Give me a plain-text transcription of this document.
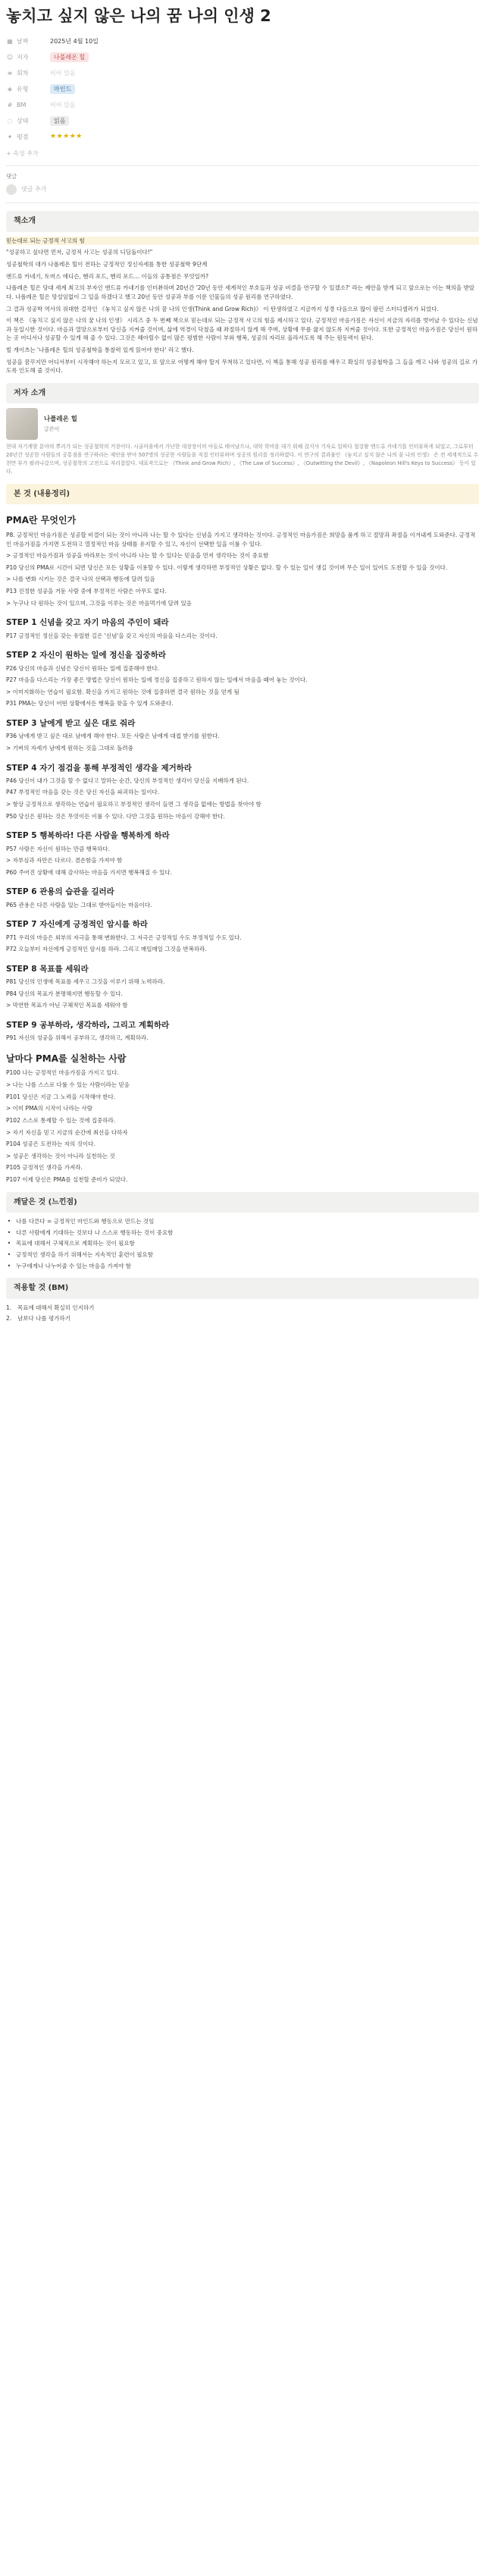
놓치고 싶지 않은 나의 꿈 나의 인생 2
▦ 날짜	2025년 4월 10일
☺ 저자	나폴레온 힐
≡ 회차	비어 있음
◈ 유형	마인드
# BM	비어 있음
◌ 상태	읽음
✦ 평점	★★★★★
+ 속성 추가
댓글
댓글 추가
책소개

믿는대로 되는 긍정적 사고의 힘

"성공하고 싶다면 먼저, 긍정적 사고는 성공의 디딤돌이다!"

성공철학의 대가 나폴레온 힐이 전하는 긍정적인 정신자세를 통한 성공철학 9단계

앤드류 카네기, 토머스 에디슨, 헨리 포드, 헨리 포드… 이들의 공통점은 무엇일까?

나폴레온 힐은 당대 세계 최고의 부자인 앤드류 카네기를 인터뷰하며 20년간 '20년 동안 세계적인 부호들과 성공 비결을 연구할 수 있겠소?' 라는 제안을 받게 되고 앞으로는 이는 책의을 받았다. 나폴레온 힐은 망설임없이 그 일을 하겠다고 했고 20년 동안 성공과 부를 이룬 인물들의 성공 원리를 연구하였다.

그 결과 성공학 역사의 위대한 걸작인 《놓치고 싶지 않은 나의 꿈 나의 인생(Think and Grow Rich)》 이 탄생하였고 지금까지 성경 다음으로 많이 팔린 스터디셀러가 되었다.

이 책은 《놓치고 싶지 않은 나의 꿈 나의 인생》 시리즈 중 두 번째 책으로 믿는대로 되는 긍정적 사고의 힘을 제시하고 있다. 긍정적인 마음가짐은 자신이 지금의 자리를 벗어날 수 있다는 신념과 동일시한 것이다. 마음과 열망으로부터 당신을 지켜줄 것이며, 삶에 역경이 닥쳤을 때 좌절하지 않게 해 주며, 상황에 무릎 꿇지 않도록 지켜줄 것이다. 또한 긍정적인 마음가짐은 당신이 원하는 곳 어디서나 성공할 수 있게 해 줄 수 있다. 그것은 헤아릴수 없이 많은 평범한 사람이 부와 행복, 성공의 자리로 올라서도록 해 주는 원동력이 된다.

빌 게이츠는 '나폴레온 힐의 성공철학을 통찰력 있게 읽어야 한다' 라고 했다.

성공을 꿈꾸지만 어디서부터 시작해야 하는지 모르고 있고, 또 앞으로 어떻게 해야 할지 무척하고 있다면, 이 책을 통해 성공 원리를 배우고 확실히 성공철학을 그 들을 깨고 나와 성공의 길로 가도록 인도해 줄 것이다.

저자 소개
나폴레온 힐
글쓴이

현대 자기계발 분야의 뿌리가 되는 성공철학의 거장이다. 시골마을에서 가난한 대장장이의 아들로 태어났으나, 대학 학비를 대기 위해 잡지사 기자로 일하다 철강왕 앤드류 카네기를 인터뷰하게 되었고, 그로부터 20년간 성공한 사람들의 공통점을 연구하라는 제안을 받아 507명의 성공한 사람들을 직접 인터뷰하며 성공의 원리를 정리하였다. 이 연구의 결과물인 《놓치고 싶지 않은 나의 꿈 나의 인생》 은 전 세계적으로 수천만 부가 팔려나갔으며, 성공철학의 고전으로 자리잡았다. 대표작으로는 《Think and Grow Rich》, 《The Law of Success》, 《Outwitting the Devil》, 《Napoleon Hill's Keys to Success》 등이 있다.

본 것 (내용정리)
PMA란 무엇인가

P8. 긍정적인 마음가짐은 성공할 비결이 되는 것이 아니라 나는 할 수 있다는 신념을 가지고 생각하는 것이다. 긍정적인 마음가짐은 희망을 품게 하고 절망과 좌절을 이겨내게 도와준다. 긍정적인 마음가짐을 가지면 도전하고 열정적인 마음 상태를 유지할 수 있고, 자신이 선택한 일을 이룰 수 있다.

> 긍정적인 마음가짐과 성공을 바라보는 것이 아니라 나는 할 수 있다는 믿음을 먼저 생각하는 것이 중요함

P10 당신의 PMA로 시간이 되면 당신은 모든 상황을 이용할 수 있다. 이렇게 생각하면 부정적인 상황은 없다. 할 수 있는 일이 생길 것이며 무슨 일이 있어도 도전할 수 있을 것이다.

> 나를 변화 시키는 것은 결국 나의 선택과 행동에 달려 있음

P13 진정한 성공을 거둔 사람 중에 부정적인 사람은 아무도 없다.

> 누구나 다 원하는 것이 있으며, 그것을 이루는 것은 마음먹기에 달려 있음

STEP 1 신념을 갖고 자기 마음의 주인이 돼라

P17 긍정적인 정신을 갖는 유일한 길은 '신념'을 갖고 자신의 마음을 다스리는 것이다.

STEP 2 자신이 원하는 일에 정신을 집중하라

P26 당신의 마음과 신념은 당신이 원하는 일에 집중해야 한다.

P27 마음을 다스리는 가장 좋은 방법은 당신이 원하는 일에 정신을 집중하고 원하지 않는 일에서 마음을 떼어 놓는 것이다.

> 이미지화하는 연습이 필요함. 확신을 가지고 원하는 것에 집중하면 결국 원하는 것을 얻게 됨

P31 PMA는 당신이 어떤 상황에서든 행복을 찾을 수 있게 도와준다.

STEP 3 날에게 받고 싶은 대로 줘라

P36 남에게 받고 싶은 대로 남에게 해야 한다. 모든 사람은 남에게 대접 받기를 원한다.

> 기버의 자세가 남에게 원하는 것을 그대로 돌려줌

STEP 4 자기 점검을 통해 부정적인 생각을 제거하라

P46 당신이 내가 그것을 할 수 없다고 말하는 순간, 당신의 부정적인 생각이 당신을 지배하게 된다.

P47 부정적인 마음을 갖는 것은 당신 자신을 파괴하는 일이다.

> 항상 긍정적으로 생각하는 연습이 필요하고 부정적인 생각이 들면 그 생각을 없애는 방법을 찾아야 함

P50 당신은 원하는 것은 무엇이든 이룰 수 있다. 다만 그것을 원하는 마음이 강해야 한다.

STEP 5 행복하라! 다른 사람을 행복하게 하라

P57 사람은 자신이 원하는 만큼 행복하다.

> 자부심과 자만은 다르다. 겸손함을 가져야 함

P60 주어진 상황에 대해 감사하는 마음을 가지면 행복해질 수 있다.

STEP 6 관용의 습관을 길러라

P65 관용은 다른 사람을 있는 그대로 받아들이는 마음이다.

STEP 7 자신에게 긍정적인 암시를 하라

P71 우리의 마음은 외부의 자극을 통해 변화한다. 그 자극은 긍정적일 수도 부정적일 수도 있다.

P72 오늘부터 자신에게 긍정적인 암시를 하라. 그리고 매일매일 그것을 반복하라.

STEP 8 목표를 세워라

P81 당신의 인생에 목표를 세우고 그것을 이루기 위해 노력하라.

P84 당신의 목표가 분명해지면 행동할 수 있다.

> 막연한 목표가 아닌 구체적인 목표를 세워야 함

STEP 9 공부하라, 생각하라, 그리고 계획하라

P91 자신의 성공을 위해서 공부하고, 생각하고, 계획하라.

날마다 PMA를 실천하는 사람

P100 나는 긍정적인 마음가짐을 가지고 있다.

> 나는 나를 스스로 다룰 수 있는 사람이라는 믿음

P101 당신은 지금 그 노력을 시작해야 한다.

> 이미 PMA의 시작이 나라는 사람

P102 스스로 통제할 수 있는 것에 집중하라.

> 자기 자신을 믿고 지금의 순간에 최선을 다하자

P104 성공은 도전하는 자의 것이다.

> 성공은 생각하는 것이 아니라 실천하는 것

P105 긍정적인 생각을 가져라.

P107 이제 당신은 PMA를 실천할 준비가 되었다.

깨달은 것 (느낀점)
• 나를 다른다 = 긍정적인 마인드와 행동으로 만드는 것임
• 다른 사람에게 기대하는 것보다 나 스스로 행동하는 것이 중요함
• 목표에 대해서 구체적으로 계획하는 것이 필요함
• 긍정적인 생각을 하기 위해서는 지속적인 훈련이 필요함
• 누구에게나 나누어줄 수 있는 마음을 가져야 함
적용할 것 (BM)
1.	목표에 대해서 확실히 인지하기
2.	남보다 나를 평가하기
